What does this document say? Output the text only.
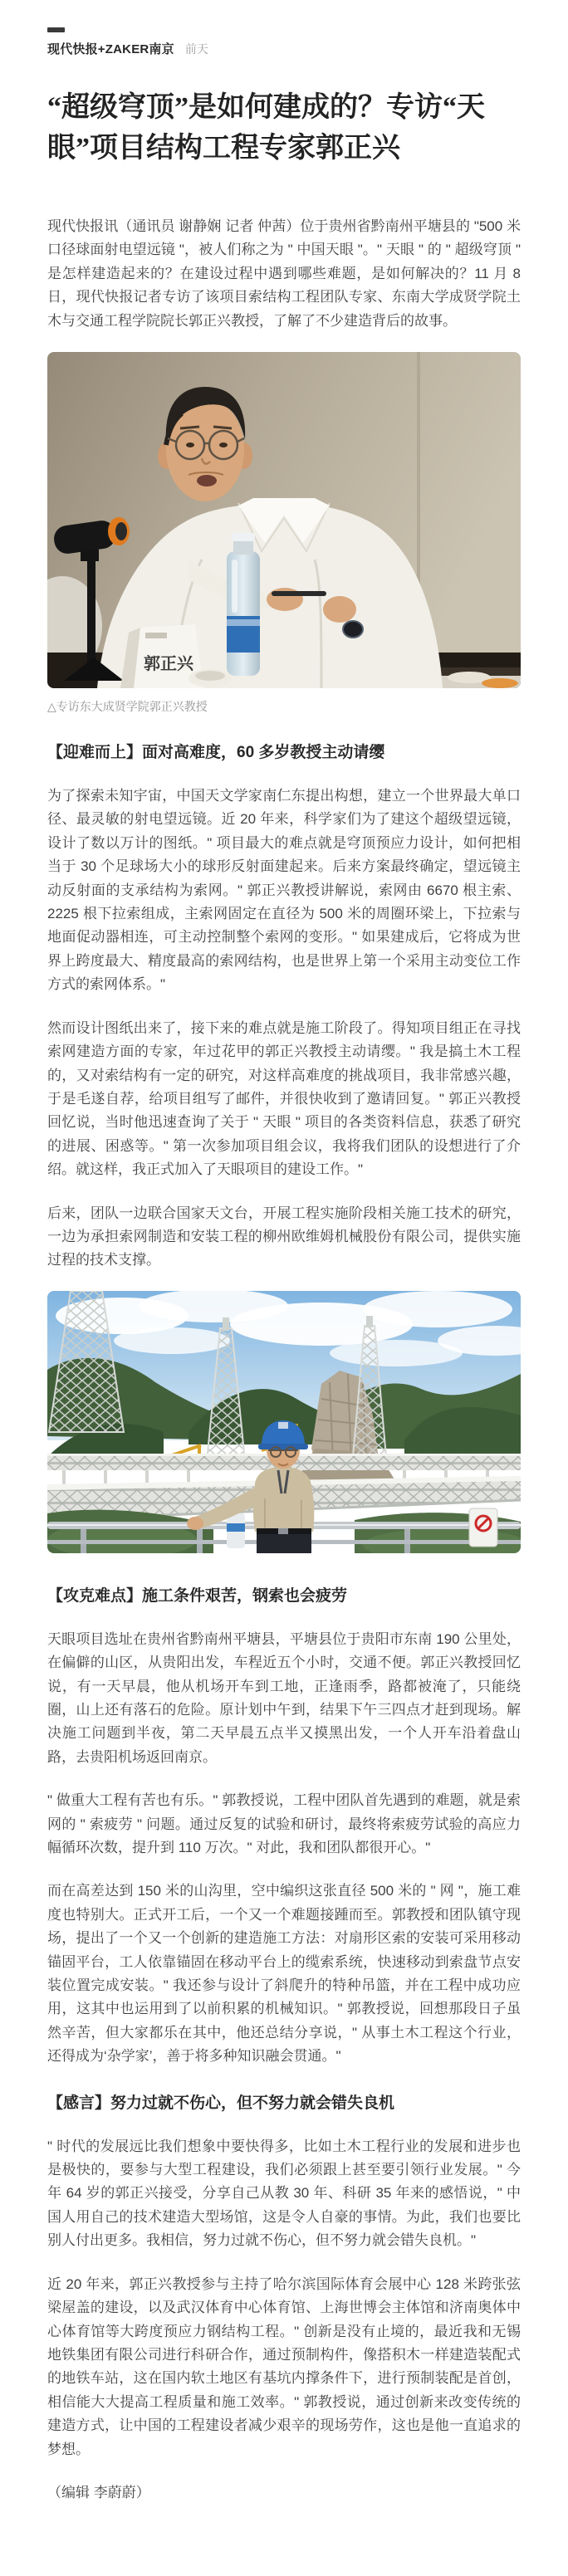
现代快报+ZAKER南京 前天
“超级穹顶”是如何建成的？专访“天眼”项目结构工程专家郭正兴

现代快报讯（通讯员 谢静娴 记者 仲茜）位于贵州省黔南州平塘县的 "500 米口径球面射电望远镜 "，被人们称之为 " 中国天眼 "。" 天眼 " 的 " 超级穹顶 " 是怎样建造起来的？在建设过程中遇到哪些难题，是如何解决的？11 月 8 日，现代快报记者专访了该项目索结构工程团队专家、东南大学成贤学院土木与交通工程学院院长郭正兴教授，了解了不少建造背后的故事。

郭正兴
△专访东大成贤学院郭正兴教授
【迎难而上】面对高难度，60 多岁教授主动请缨

为了探索未知宇宙，中国天文学家南仁东提出构想，建立一个世界最大单口径、最灵敏的射电望远镜。近 20 年来，科学家们为了建这个超级望远镜，设计了数以万计的图纸。" 项目最大的难点就是穹顶预应力设计，如何把相当于 30 个足球场大小的球形反射面建起来。后来方案最终确定，望远镜主动反射面的支承结构为索网。" 郭正兴教授讲解说，索网由 6670 根主索、2225 根下拉索组成，主索网固定在直径为 500 米的周圈环梁上，下拉索与地面促动器相连，可主动控制整个索网的变形。" 如果建成后，它将成为世界上跨度最大、精度最高的索网结构，也是世界上第一个采用主动变位工作方式的索网体系。"

然而设计图纸出来了，接下来的难点就是施工阶段了。得知项目组正在寻找索网建造方面的专家，年过花甲的郭正兴教授主动请缨。" 我是搞土木工程的，又对索结构有一定的研究，对这样高难度的挑战项目，我非常感兴趣，于是毛遂自荐，给项目组写了邮件，并很快收到了邀请回复。" 郭正兴教授回忆说，当时他迅速查询了关于 " 天眼 " 项目的各类资料信息，获悉了研究的进展、困惑等。" 第一次参加项目组会议，我将我们团队的设想进行了介绍。就这样，我正式加入了天眼项目的建设工作。"

后来，团队一边联合国家天文台，开展工程实施阶段相关施工技术的研究，一边为承担索网制造和安装工程的柳州欧维姆机械股份有限公司，提供实施过程的技术支撑。

【攻克难点】施工条件艰苦，钢索也会疲劳

天眼项目选址在贵州省黔南州平塘县，平塘县位于贵阳市东南 190 公里处，在偏僻的山区，从贵阳出发，车程近五个小时，交通不便。郭正兴教授回忆说，有一天早晨，他从机场开车到工地，正逢雨季，路都被淹了，只能绕圈，山上还有落石的危险。原计划中午到，结果下午三四点才赶到现场。解决施工问题到半夜，第二天早晨五点半又摸黑出发，一个人开车沿着盘山路，去贵阳机场返回南京。

" 做重大工程有苦也有乐。" 郭教授说，工程中团队首先遇到的难题，就是索网的 " 索疲劳 " 问题。通过反复的试验和研讨，最终将索疲劳试验的高应力幅循环次数，提升到 110 万次。" 对此，我和团队都很开心。"

而在高差达到 150 米的山沟里，空中编织这张直径 500 米的 " 网 "，施工难度也特别大。正式开工后，一个又一个难题接踵而至。郭教授和团队镇守现场，提出了一个又一个创新的建造施工方法：对扇形区索的安装可采用移动锚固平台，工人依靠锚固在移动平台上的缆索系统，快速移动到索盘节点安装位置完成安装。" 我还参与设计了斜爬升的特种吊篮，并在工程中成功应用，这其中也运用到了以前积累的机械知识。" 郭教授说，回想那段日子虽然辛苦，但大家都乐在其中，他还总结分享说，" 从事土木工程这个行业，还得成为‘杂学家’，善于将多种知识融会贯通。"

【感言】努力过就不伤心，但不努力就会错失良机

" 时代的发展远比我们想象中要快得多，比如土木工程行业的发展和进步也是极快的，要参与大型工程建设，我们必须跟上甚至要引领行业发展。" 今年 64 岁的郭正兴接受，分享自己从教 30 年、科研 35 年来的感悟说，" 中国人用自己的技术建造大型场馆，这是令人自豪的事情。为此，我们也要比别人付出更多。我相信，努力过就不伤心，但不努力就会错失良机。"

近 20 年来，郭正兴教授参与主持了哈尔滨国际体育会展中心 128 米跨张弦梁屋盖的建设，以及武汉体育中心体育馆、上海世博会主体馆和济南奥体中心体育馆等大跨度预应力钢结构工程。" 创新是没有止境的，最近我和无锡地铁集团有限公司进行科研合作，通过预制构件，像搭积木一样建造装配式的地铁车站，这在国内软土地区有基坑内撑条件下，进行预制装配是首创，相信能大大提高工程质量和施工效率。" 郭教授说，通过创新来改变传统的建造方式，让中国的工程建设者减少艰辛的现场劳作，这也是他一直追求的梦想。

（编辑 李蔚蔚）
